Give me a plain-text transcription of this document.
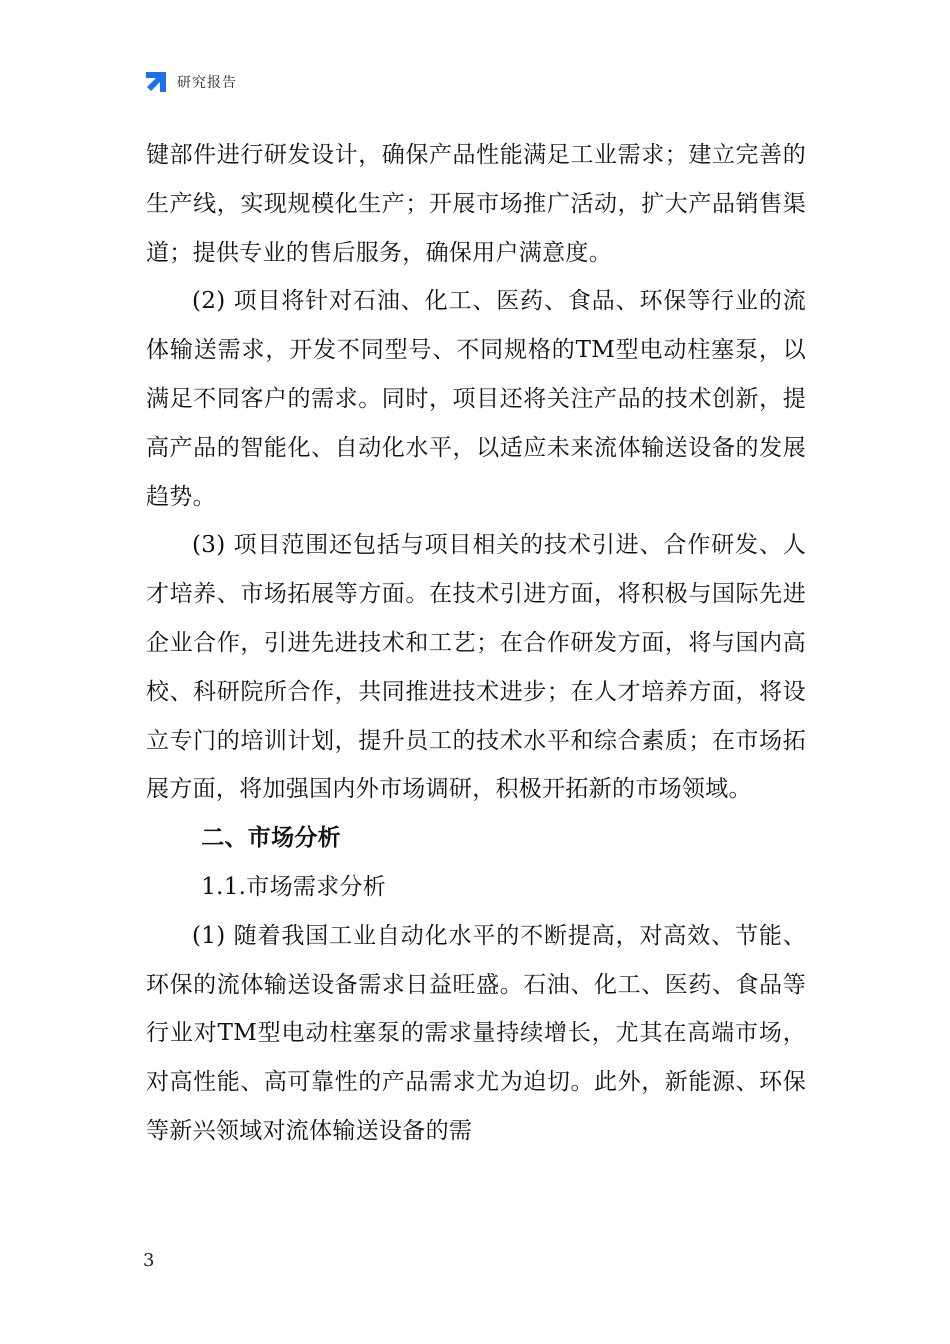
研究报告

键部件进行研发设计，确保产品性能满足工业需求；建立完善的生产线，实现规模化生产；开展市场推广活动，扩大产品销售渠道；提供专业的售后服务，确保用户满意度。

(2) 项目将针对石油、化工、医药、食品、环保等行业的流体输送需求，开发不同型号、不同规格的TM型电动柱塞泵，以满足不同客户的需求。同时，项目还将关注产品的技术创新，提高产品的智能化、自动化水平，以适应未来流体输送设备的发展趋势。

(3) 项目范围还包括与项目相关的技术引进、合作研发、人才培养、市场拓展等方面。在技术引进方面，将积极与国际先进企业合作，引进先进技术和工艺；在合作研发方面，将与国内高校、科研院所合作，共同推进技术进步；在人才培养方面，将设立专门的培训计划，提升员工的技术水平和综合素质；在市场拓展方面，将加强国内外市场调研，积极开拓新的市场领域。

二、市场分析

1.1.市场需求分析

(1) 随着我国工业自动化水平的不断提高，对高效、节能、环保的流体输送设备需求日益旺盛。石油、化工、医药、食品等行业对TM型电动柱塞泵的需求量持续增长，尤其在高端市场，对高性能、高可靠性的产品需求尤为迫切。此外，新能源、环保等新兴领域对流体输送设备的需

3
